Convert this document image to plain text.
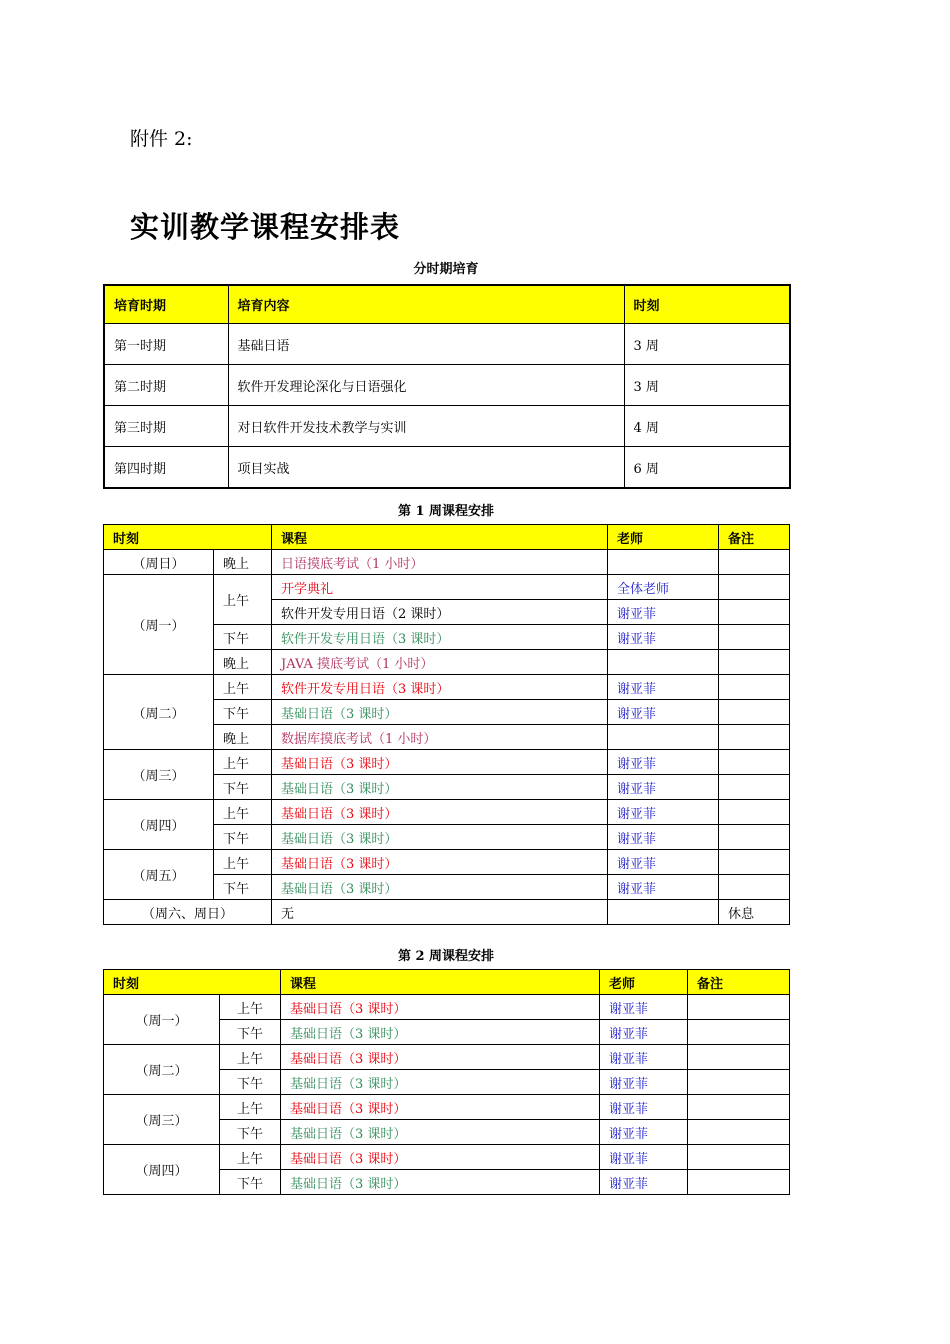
附件 2:
实训教学课程安排表
分时期培育
培育时期	培育内容	时刻
第一时期	基础日语	3 周
第二时期	软件开发理论深化与日语强化	3 周
第三时期	对日软件开发技术教学与实训	4 周
第四时期	项目实战	6 周
第 1 周课程安排
时刻		课程	老师	备注
（周日）	晚上	日语摸底考试（1 小时）		
（周一）	上午	开学典礼	全体老师	
		软件开发专用日语（2 课时）	谢亚菲	
	下午	软件开发专用日语（3 课时）	谢亚菲	
	晚上	JAVA 摸底考试（1 小时）		
（周二）	上午	软件开发专用日语（3 课时）	谢亚菲	
	下午	基础日语（3 课时）	谢亚菲	
	晚上	数据库摸底考试（1 小时）		
（周三）	上午	基础日语（3 课时）	谢亚菲	
	下午	基础日语（3 课时）	谢亚菲	
（周四）	上午	基础日语（3 课时）	谢亚菲	
	下午	基础日语（3 课时）	谢亚菲	
（周五）	上午	基础日语（3 课时）	谢亚菲	
	下午	基础日语（3 课时）	谢亚菲	
（周六、周日）		无		休息
第 2 周课程安排
时刻		课程	老师	备注
（周一）	上午	基础日语（3 课时）	谢亚菲	
	下午	基础日语（3 课时）	谢亚菲	
（周二）	上午	基础日语（3 课时）	谢亚菲	
	下午	基础日语（3 课时）	谢亚菲	
（周三）	上午	基础日语（3 课时）	谢亚菲	
	下午	基础日语（3 课时）	谢亚菲	
（周四）	上午	基础日语（3 课时）	谢亚菲	
	下午	基础日语（3 课时）	谢亚菲	
